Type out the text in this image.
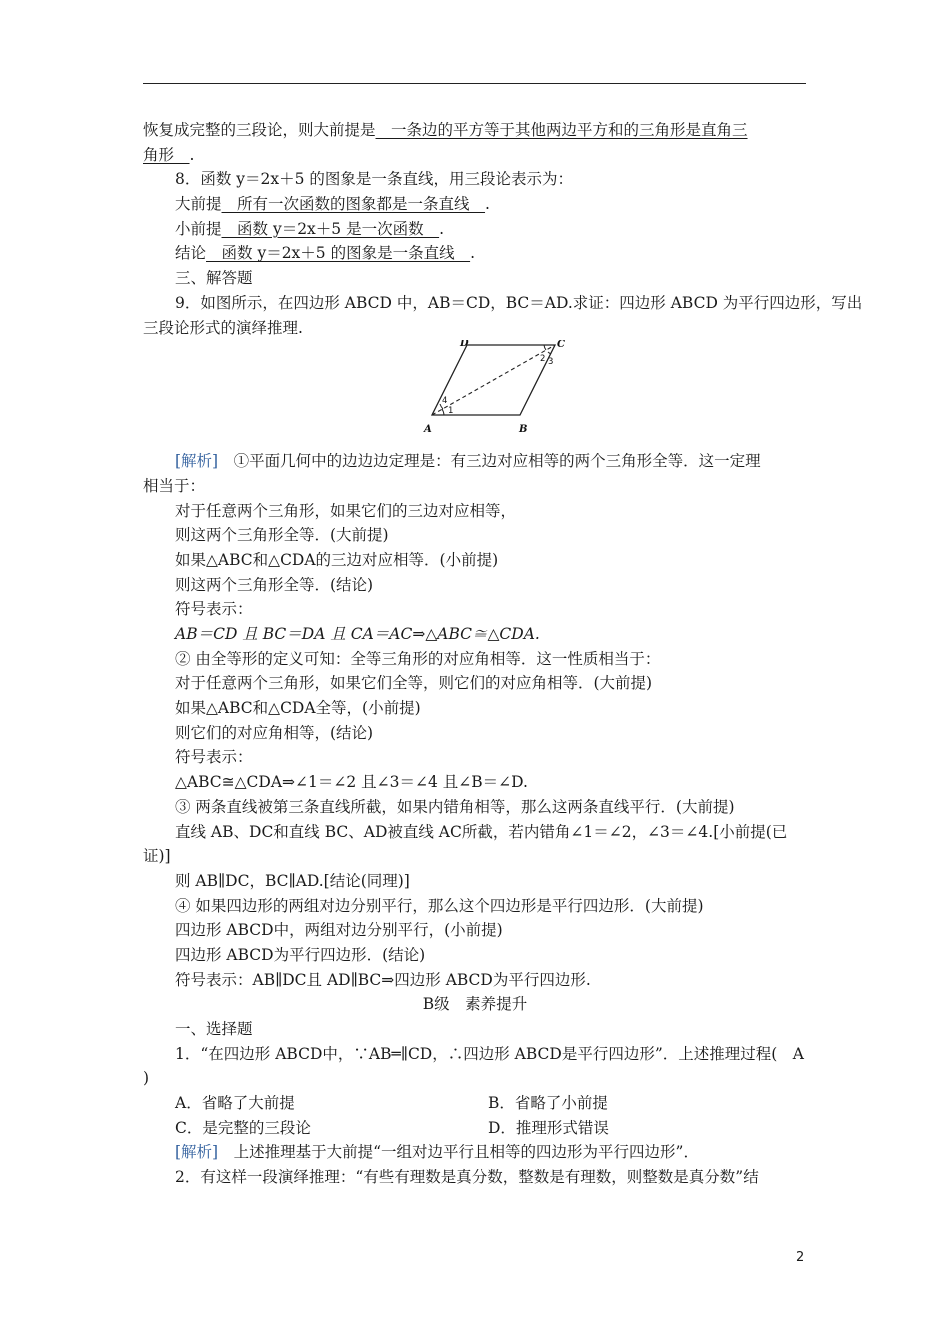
恢复成完整的三段论，则大前提是　一条边的平方等于其他两边平方和的三角形是直角三
角形　.
8．函数 y＝2x＋5 的图象是一条直线，用三段论表示为：
大前提　所有一次函数的图象都是一条直线　.
小前提　函数 y＝2x＋5 是一次函数　.
结论　函数 y＝2x＋5 的图象是一条直线　.
三、解答题
9．如图所示，在四边形 ABCD 中，AB＝CD，BC＝AD.求证：四边形 ABCD 为平行四边形，写出
三段论形式的演绎推理.
A	B
C
D
1
2 3
4
[解析]　 ①平面几何中的边边边定理是：有三边对应相等的两个三角形全等．这一定理
相当于：
对于任意两个三角形，如果它们的三边对应相等，
则这两个三角形全等．(大前提)
如果△ABC和△CDA的三边对应相等．(小前提)
则这两个三角形全等．(结论)
符号表示：
AB＝CD 且 BC＝DA 且 CA＝AC⇒△ABC≅△CDA.
② 由全等形的定义可知：全等三角形的对应角相等．这一性质相当于：
对于任意两个三角形，如果它们全等，则它们的对应角相等．(大前提)
如果△ABC和△CDA全等，(小前提)
则它们的对应角相等，(结论)
符号表示：
△ABC≅△CDA⇒∠1＝∠2 且∠3＝∠4 且∠B＝∠D.
③ 两条直线被第三条直线所截，如果内错角相等，那么这两条直线平行．(大前提)
直线 AB、DC和直线 BC、AD被直线 AC所截，若内错角∠1＝∠2，∠3＝∠4.[小前提(已
证)]
则 AB∥DC，BC∥AD.[结论(同理)]
④ 如果四边形的两组对边分别平行，那么这个四边形是平行四边形．(大前提)
四边形 ABCD中，两组对边分别平行，(小前提)
四边形 ABCD为平行四边形．(结论)
符号表示：AB∥DC且 AD∥BC⇒四边形 ABCD为平行四边形.
B级　素养提升
一、选择题
1．“在四边形 ABCD中，∵AB═∥CD，∴四边形 ABCD是平行四边形”．上述推理过程(　A
)
A．省略了大前提	B．省略了小前提
C．是完整的三段论	D．推理形式错误
[解析]　 上述推理基于大前提“一组对边平行且相等的四边形为平行四边形”．
2．有这样一段演绎推理：“有些有理数是真分数，整数是有理数，则整数是真分数”结
2
